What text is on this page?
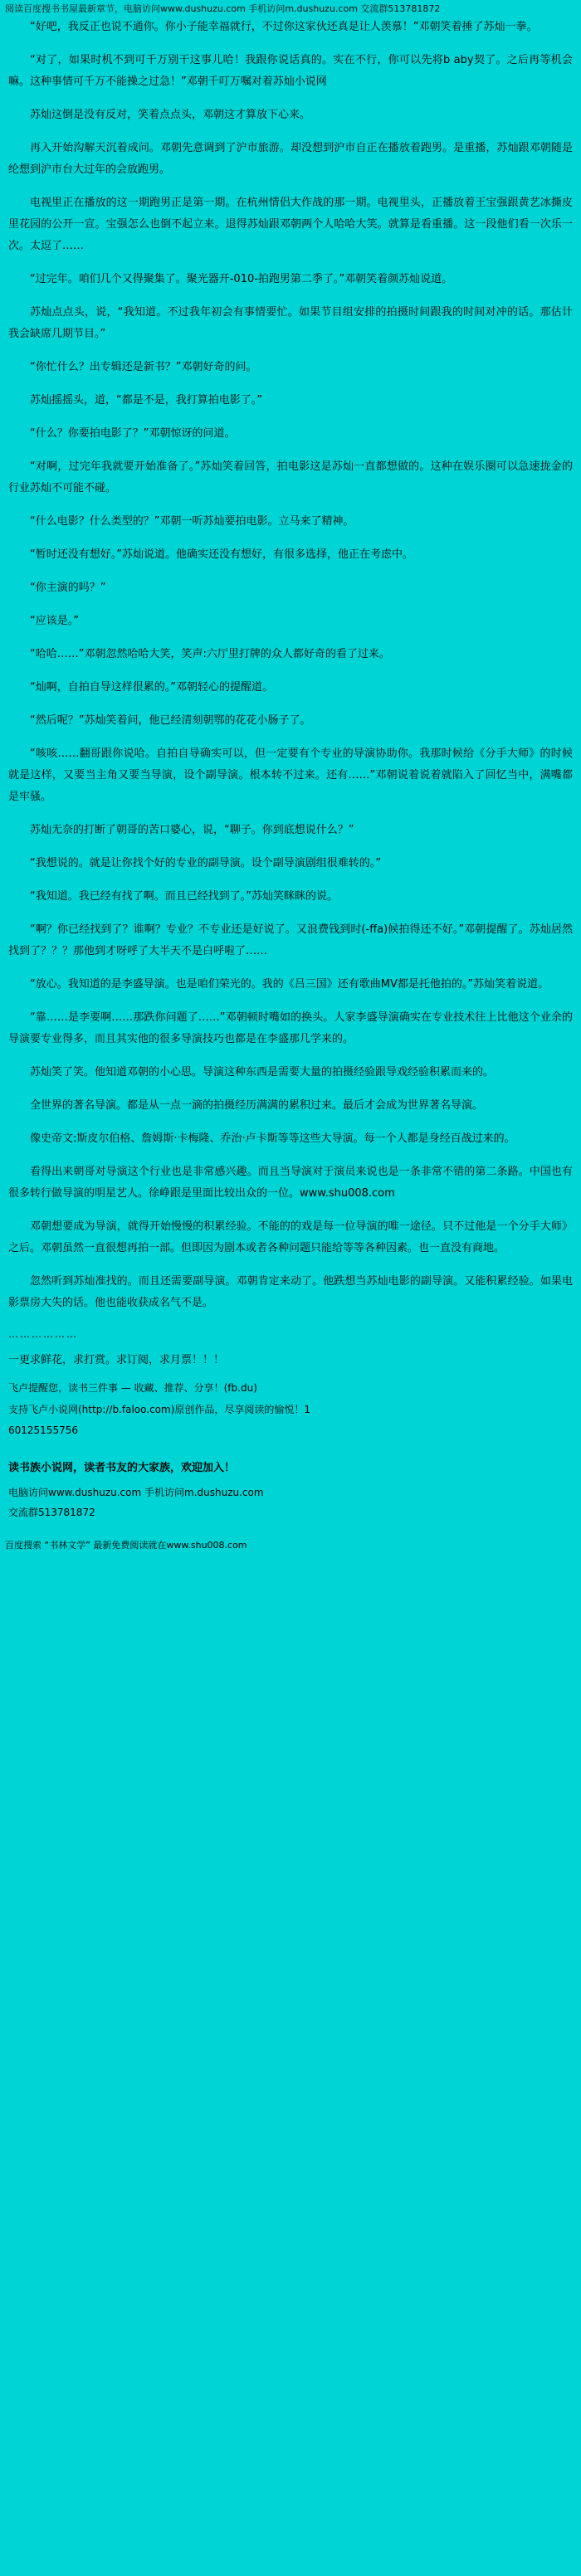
阅读百度搜书书屋最新章节，电脑访问www.dushuzu.com 手机访问m.dushuzu.com 交流群513781872

“好吧，我反正也说不通你。你小子能幸福就行，不过你这家伙还真是让人羡慕！”邓朝笑着捶了苏灿一拳。

“对了，如果时机不到可千万别干这事儿哈！我跟你说话真的。实在不行，你可以先将b aby契了。之后再等机会嘛。这种事情可千万不能操之过急！”邓朝千叮万嘱对着苏灿小说网

苏灿这倒是没有反对，笑着点点头，邓朝这才算放下心来。

再入开始沟解天沉着成问。邓朝先意调到了沪市旅游。却没想到沪市自正在播放着跑男。是重播，苏灿跟邓朝随是纶想到沪市台大过年的会放跑男。

电视里正在播放的这一期跑男正是第一期。在杭州情侣大作战的那一期。电视里头，正播放着王宝强跟黄艺冰撕皮里花园的公开一宣。宝强怎么也倒不起立来。退得苏灿跟邓朝两个人哈哈大笑。就算是看重播。这一段他们看一次乐一次。太逗了……

“过完年。咱们几个又得聚集了。聚光器开-010-拍跑男第二季了。”邓朝笑着颜苏灿说道。

苏灿点点头，说，“我知道。不过我年初会有事情要忙。如果节目组安排的拍摄时间跟我的时间对冲的话。那估计我会缺席几期节目。”

“你忙什么？出专辑还是新书？”邓朝好奇的问。

苏灿摇摇头，道，“都是不是，我打算拍电影了。”

“什么？你要拍电影了？”邓朝惊讶的问道。

“对啊，过完年我就要开始准备了。”苏灿笑着回答，拍电影这是苏灿一直都想做的。这种在娱乐圈可以急速拢金的行业苏灿不可能不碰。

“什么电影？什么类型的？”邓朝一听苏灿要拍电影。立马来了精神。

“暂时还没有想好。”苏灿说道。他确实还没有想好，有很多选择，他正在考虑中。

“你主演的吗？”

“应该是。”

“哈哈……”邓朝忽然哈哈大笑，笑声:六厅里打牌的众人都好奇的看了过来。

“灿啊，自拍自导这样很累的。”邓朝轻心的提醒道。

“然后呢？”苏灿笑着问，他已经清刻朝鄂的花花小肠子了。

“咳咳……翻哥跟你说哈。自拍自导确实可以，但一定要有个专业的导演协助你。我那时候给《分手大师》的时候就是这样，又要当主角又要当导演，设个副导演。根本转不过来。还有……”邓朝说着说着就陷入了回忆当中，满嘴都是牢骚。

苏灿无奈的打断了朝哥的苦口婆心，说，“聊子。你到底想说什么？”

“我想说的。就是让你找个好的专业的副导演。设个副导演剧组很难转的。”

“我知道。我已经有找了啊。而且已经找到了。”苏灿笑眯眯的说。

“啊？你已经找到了？谁啊？专业？不专业还是好说了。又浪费钱到时(-ffa)候拍得还不好。”邓朝提醒了。苏灿居然找到了？？？那他到才呀呼了大半天不是白呼啦了……

“放心。我知道的是李盛导演。也是咱们荣光的。我的《吕三国》还有歌曲MV都是托他拍的。”苏灿笑着说道。

“靠……是李要啊……那跌你问题了……”邓朝顿时嘴如的换头。人家李盛导演确实在专业技术往上比他这个业余的导演要专业得多，而且其实他的很多导演技巧也都是在李盛那几学来的。

苏灿笑了笑。他知道邓朝的小心思。导演这种东西是需要大量的拍摄经验跟导戏经验积累而来的。

全世界的著名导演。都是从一点一滴的拍摄经历满满的累积过来。最后才会成为世界著名导演。

像史帝文:斯皮尔伯格、詹姆斯·卡梅隆、乔治·卢卡斯等等这些大导演。每一个人都是身经百战过来的。

看得出来朝哥对导演这个行业也是非常感兴趣。而且当导演对于演员来说也是一条非常不错的第二条路。中国也有很多转行做导演的明星艺人。徐峥跟是里面比较出众的一位。www.shu008.com

邓朝想要成为导演，就得开始慢慢的积累经验。不能的的戏是每一位导演的唯一途径。只不过他是一个分手大师》之后。邓朝虽然一直很想再拍一部。但即因为剧本或者各种问题只能给等等各种因素。也一直没有商地。

忽然听到苏灿准找的。而且还需要副导演。邓朝肯定来动了。他跌想当苏灿电影的副导演。又能积累经验。如果电影票房大失的话。他也能收获成名气不是。

………………

一更求鲜花，求打赏。求订阅，求月票！！！

飞卢提醒您，读书三件事 — 收藏、推荐、分享！(fb.du)

支持飞卢小说网(http://b.faloo.com)原创作品，尽享阅读的愉悦！1

60125155756

读书族小说网，读者书友的大家族，欢迎加入！

电脑访问www.dushuzu.com 手机访问m.dushuzu.com

交流群513781872

百度搜索 “书林文学” 最新免费阅读就在www.shu008.com
